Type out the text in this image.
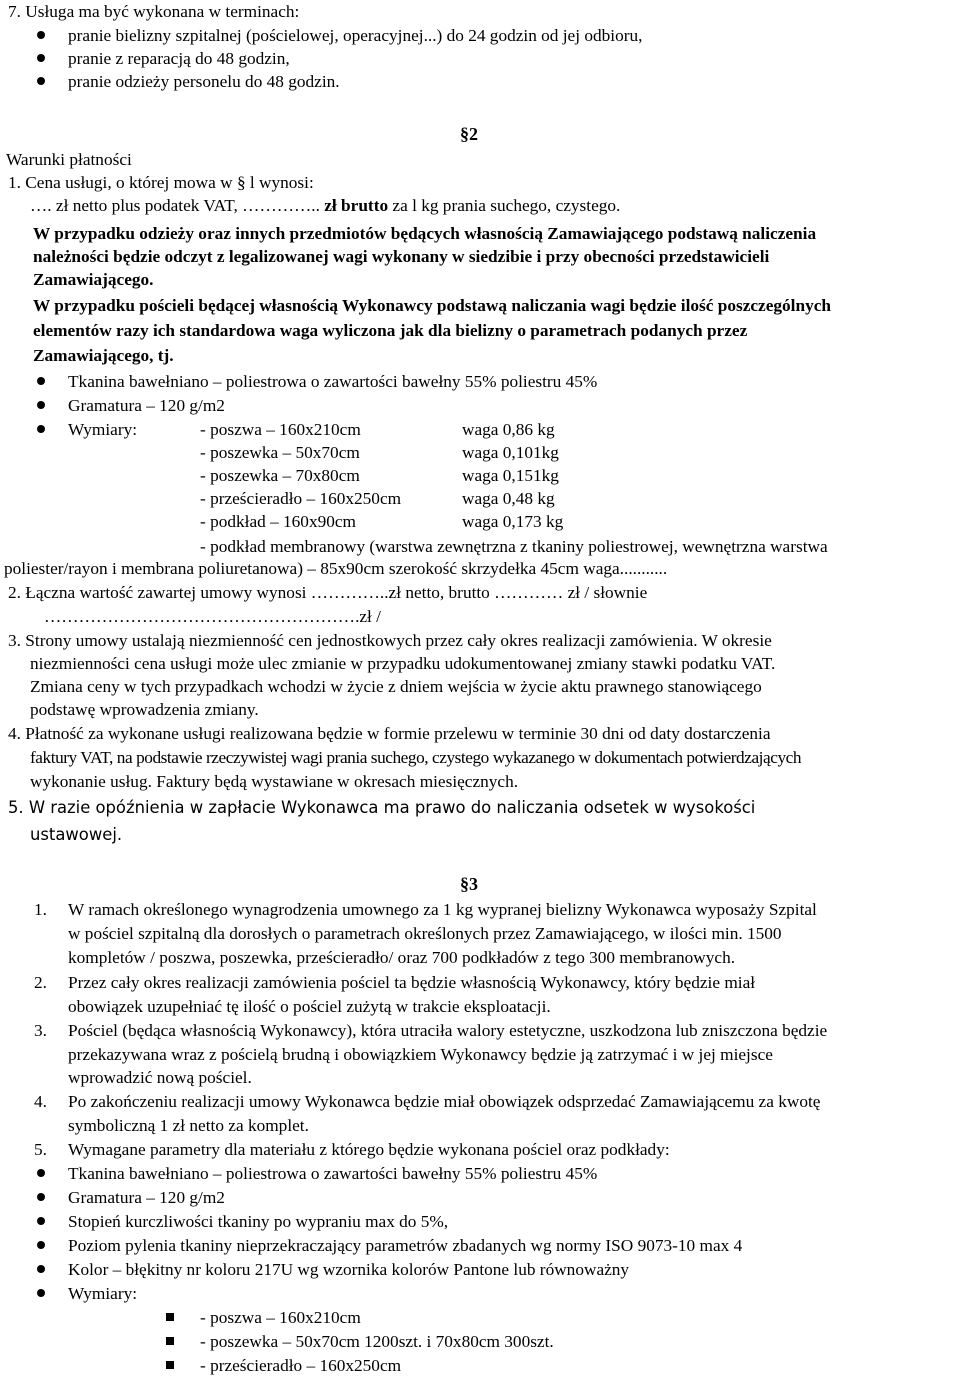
7. Usługa ma być wykonana w terminach:
pranie bielizny szpitalnej (pościelowej, operacyjnej...) do 24 godzin od jej odbioru,
pranie z reparacją do 48 godzin,
pranie odzieży personelu do 48 godzin.
§2
Warunki płatności
1. Cena usługi, o której mowa w § l wynosi:
…. zł netto plus podatek VAT, ………….. zł brutto za l kg prania suchego, czystego.
W przypadku odzieży oraz innych przedmiotów będących własnością Zamawiającego podstawą naliczenia
należności będzie odczyt z legalizowanej wagi wykonany w siedzibie i przy obecności przedstawicieli
Zamawiającego.
W przypadku pościeli będącej własnością Wykonawcy podstawą naliczania wagi będzie ilość poszczególnych
elementów razy ich standardowa waga wyliczona jak dla bielizny o parametrach podanych przez
Zamawiającego, tj.
Tkanina bawełniano – poliestrowa o zawartości bawełny 55% poliestru 45%
Gramatura – 120 g/m2
Wymiary:	- poszwa – 160x210cm	waga 0,86 kg
- poszewka – 50x70cm	waga 0,101kg
- poszewka – 70x80cm	waga 0,151kg
- prześcieradło – 160x250cm	waga 0,48 kg
- podkład – 160x90cm	waga 0,173 kg
- podkład membranowy (warstwa zewnętrzna z tkaniny poliestrowej, wewnętrzna warstwa
poliester/rayon i membrana poliuretanowa) – 85x90cm szerokość skrzydełka 45cm waga...........
2. Łączna wartość zawartej umowy wynosi …………..zł netto, brutto ………… zł / słownie
……………………………………………….zł /
3. Strony umowy ustalają niezmienność cen jednostkowych przez cały okres realizacji zamówienia. W okresie
niezmienności cena usługi może ulec zmianie w przypadku udokumentowanej zmiany stawki podatku VAT.
Zmiana ceny w tych przypadkach wchodzi w życie z dniem wejścia w życie aktu prawnego stanowiącego
podstawę wprowadzenia zmiany.
4. Płatność za wykonane usługi realizowana będzie w formie przelewu w terminie 30 dni od daty dostarczenia
faktury VAT, na podstawie rzeczywistej wagi prania suchego, czystego wykazanego w dokumentach potwierdzających
wykonanie usług. Faktury będą wystawiane w okresach miesięcznych.
5. W razie opóźnienia w zapłacie Wykonawca ma prawo do naliczania odsetek w wysokości
ustawowej.
§3
1. W ramach określonego wynagrodzenia umownego za 1 kg wypranej bielizny Wykonawca wyposaży Szpital
w pościel szpitalną dla dorosłych o parametrach określonych przez Zamawiającego, w ilości min. 1500
kompletów / poszwa, poszewka, prześcieradło/ oraz 700 podkładów z tego 300 membranowych.
2. Przez cały okres realizacji zamówienia pościel ta będzie własnością Wykonawcy, który będzie miał
obowiązek uzupełniać tę ilość o pościel zużytą w trakcie eksploatacji.
3. Pościel (będąca własnością Wykonawcy), która utraciła walory estetyczne, uszkodzona lub zniszczona będzie
przekazywana wraz z pościelą brudną i obowiązkiem Wykonawcy będzie ją zatrzymać i w jej miejsce
wprowadzić nową pościel.
4. Po zakończeniu realizacji umowy Wykonawca będzie miał obowiązek odsprzedać Zamawiającemu za kwotę
symboliczną 1 zł netto za komplet.
5. Wymagane parametry dla materiału z którego będzie wykonana pościel oraz podkłady:
Tkanina bawełniano – poliestrowa o zawartości bawełny 55% poliestru 45%
Gramatura – 120 g/m2
Stopień kurczliwości tkaniny po wypraniu max do 5%,
Poziom pylenia tkaniny nieprzekraczający parametrów zbadanych wg normy ISO 9073-10 max 4
Kolor – błękitny nr koloru 217U wg wzornika kolorów Pantone lub równoważny
Wymiary:
- poszwa – 160x210cm
- poszewka – 50x70cm 1200szt. i 70x80cm 300szt.
- prześcieradło – 160x250cm
